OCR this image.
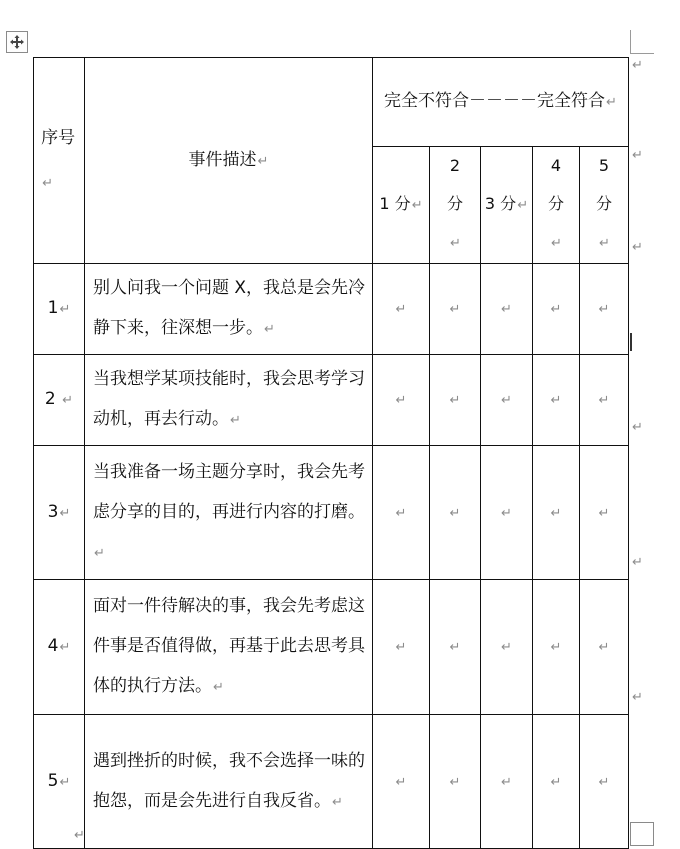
序号↵	事件描述↵	完全不符合－－－－完全符合↵				

		1 分↵	2 分↵	3 分↵	4 分↵	5 分↵

1↵	别人问我一个问题 X，我总是会先冷静下来，往深想一步。↵	↵	↵	↵	↵	↵
2 ↵	当我想学某项技能时，我会思考学习动机，再去行动。↵	↵	↵	↵	↵	↵
3↵	当我准备一场主题分享时，我会先考虑分享的目的，再进行内容的打磨。↵	↵	↵	↵	↵	↵
4↵	面对一件待解决的事，我会先考虑这件事是否值得做，再基于此去思考具体的执行方法。↵	↵	↵	↵	↵	↵
5↵	遇到挫折的时候，我不会选择一味的抱怨，而是会先进行自我反省。↵	↵	↵	↵	↵	↵
↵
↵
↵
↵
↵
↵
↵
